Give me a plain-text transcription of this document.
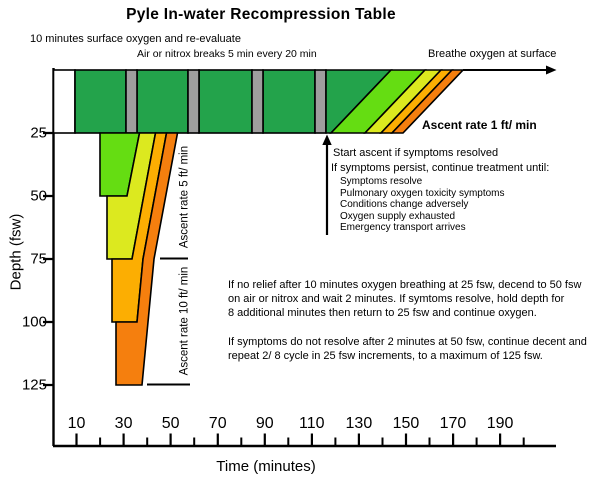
Pyle In-water Recompression Table
10 minutes surface oxygen and re-evaluate
Air or nitrox breaks 5 min every 20 min	Breathe oxygen at surface
Ascent rate 1 ft/ min
Ascent rate 5 ft/ min
Ascent rate 10 ft/ min
Start ascent if symptoms resolved
If symptoms persist, continue treatment until:
Symptoms resolve
Pulmonary oxygen toxicity symptoms
Conditions change adversely
Oxygen supply exhausted
Emergency transport arrives
If no relief after 10 minutes oxygen breathing at 25 fsw, decend to 50 fsw
on air or nitrox and wait 2 minutes. If symtoms resolve, hold depth for
8 additional minutes then return to 25 fsw and continue oxygen.
If symptoms do not resolve after 2 minutes at 50 fsw, continue decent and
repeat 2/ 8 cycle in 25 fsw increments, to a maximum of 125 fsw.
Time (minutes)
Depth (fsw)
10 30 50 70 90 110 130 150 170 190
25
50
75
100
125
